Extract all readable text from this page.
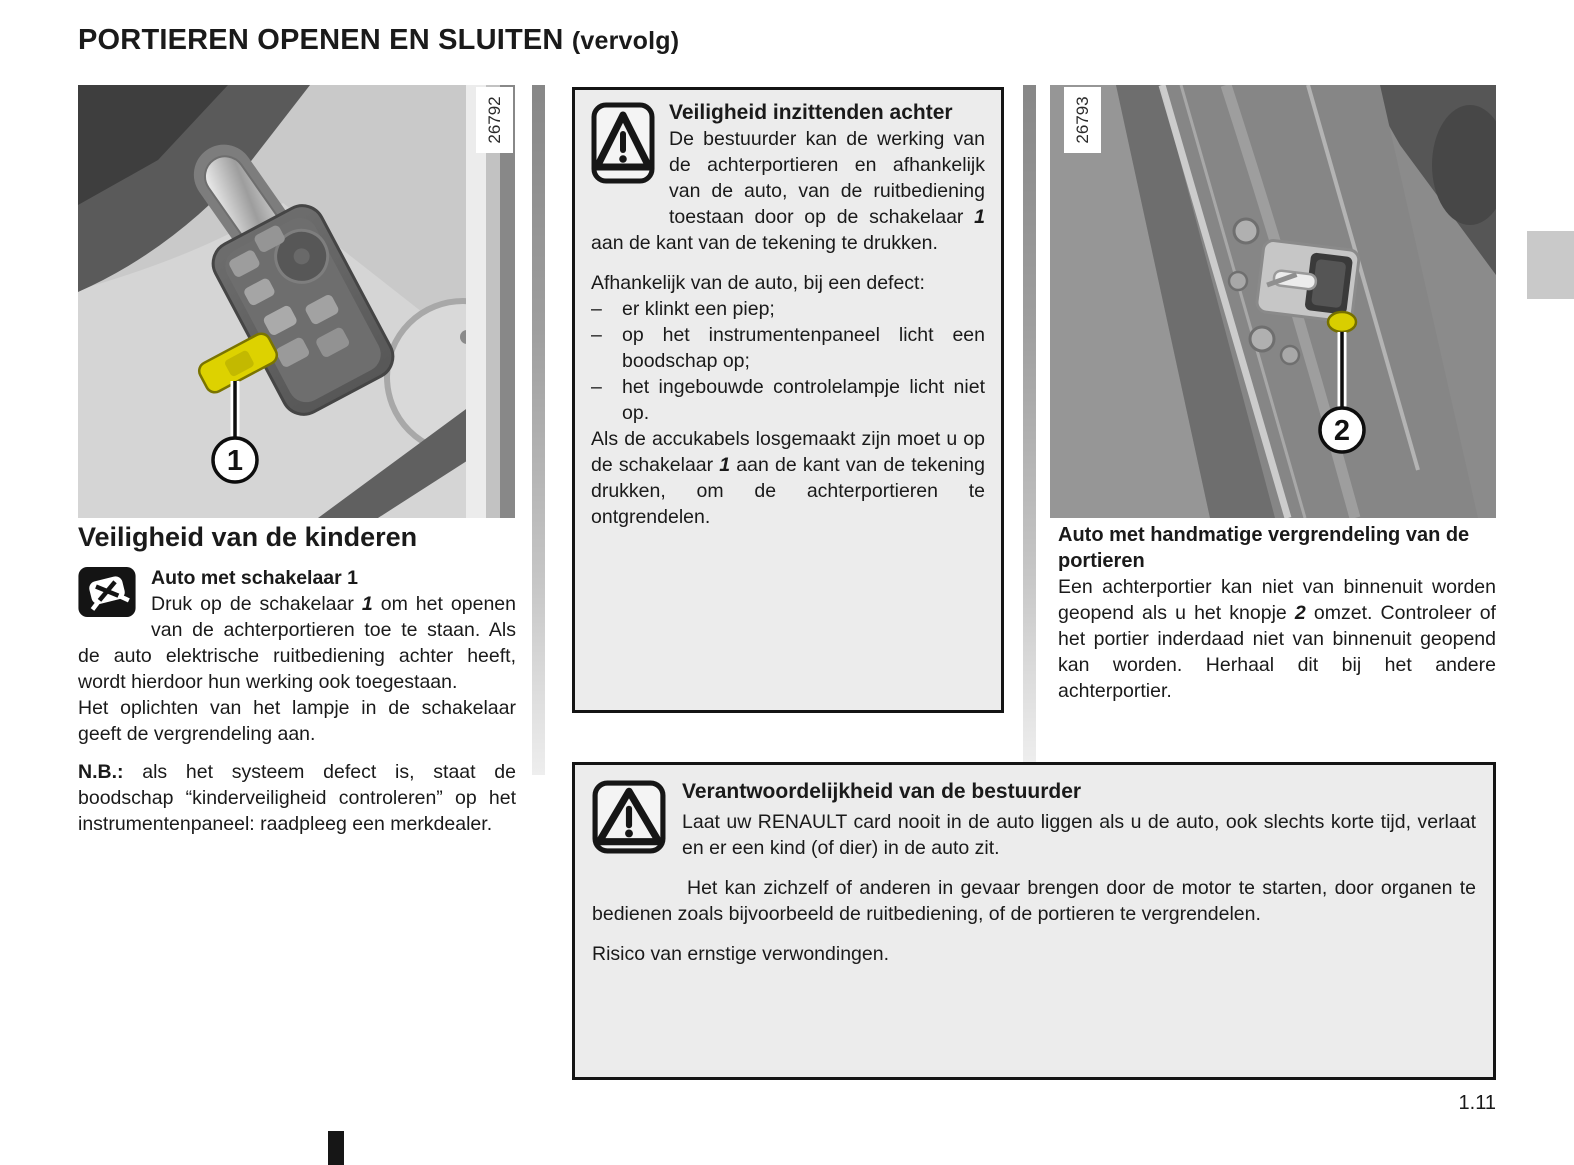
PORTIEREN OPENEN EN SLUITEN (vervolg)
1
26792	Veiligheid inzittenden achter

De bestuurder kan de werking van de achterportieren en afhankelijk van de auto, van de ruitbediening toestaan door op de schakelaar 1 aan de kant van de tekening te drukken.

Afhankelijk van de auto, bij een defect:

–	er klinkt een piep;
–	op het instrumentenpaneel licht een boodschap op;
–	het ingebouwde controlelampje licht niet op.

Als de accukabels losgemaakt zijn moet u op de schakelaar 1 aan de kant van de tekening drukken, om de achterportieren te ontgrendelen.

2
26793
Veiligheid van de kinderen

Auto met schakelaar 1

Druk op de schakelaar 1 om het openen van de achterportieren toe te staan. Als de auto elektrische ruitbediening achter heeft, wordt hierdoor hun werking ook toegestaan.

Het oplichten van het lampje in de schakelaar geeft de vergrendeling aan.

N.B.: als het systeem defect is, staat de boodschap “kinderveiligheid controleren” op het instrumentenpaneel: raadpleeg een merkdealer.

Auto met handmatige vergrendeling van de portieren

Een achterportier kan niet van binnenuit worden geopend als u het knopje 2 omzet. Controleer of het portier inderdaad niet van binnenuit geopend kan worden. Herhaal dit bij het andere achterportier.

Verantwoordelijkheid van de bestuurder

Laat uw RENAULT card nooit in de auto liggen als u de auto, ook slechts korte tijd, verlaat en er een kind (of dier) in de auto zit.

Het kan zichzelf of anderen in gevaar brengen door de motor te starten, door organen te bedienen zoals bijvoorbeeld de ruitbediening, of de portieren te vergrendelen.

Risico van ernstige verwondingen.

1.11
